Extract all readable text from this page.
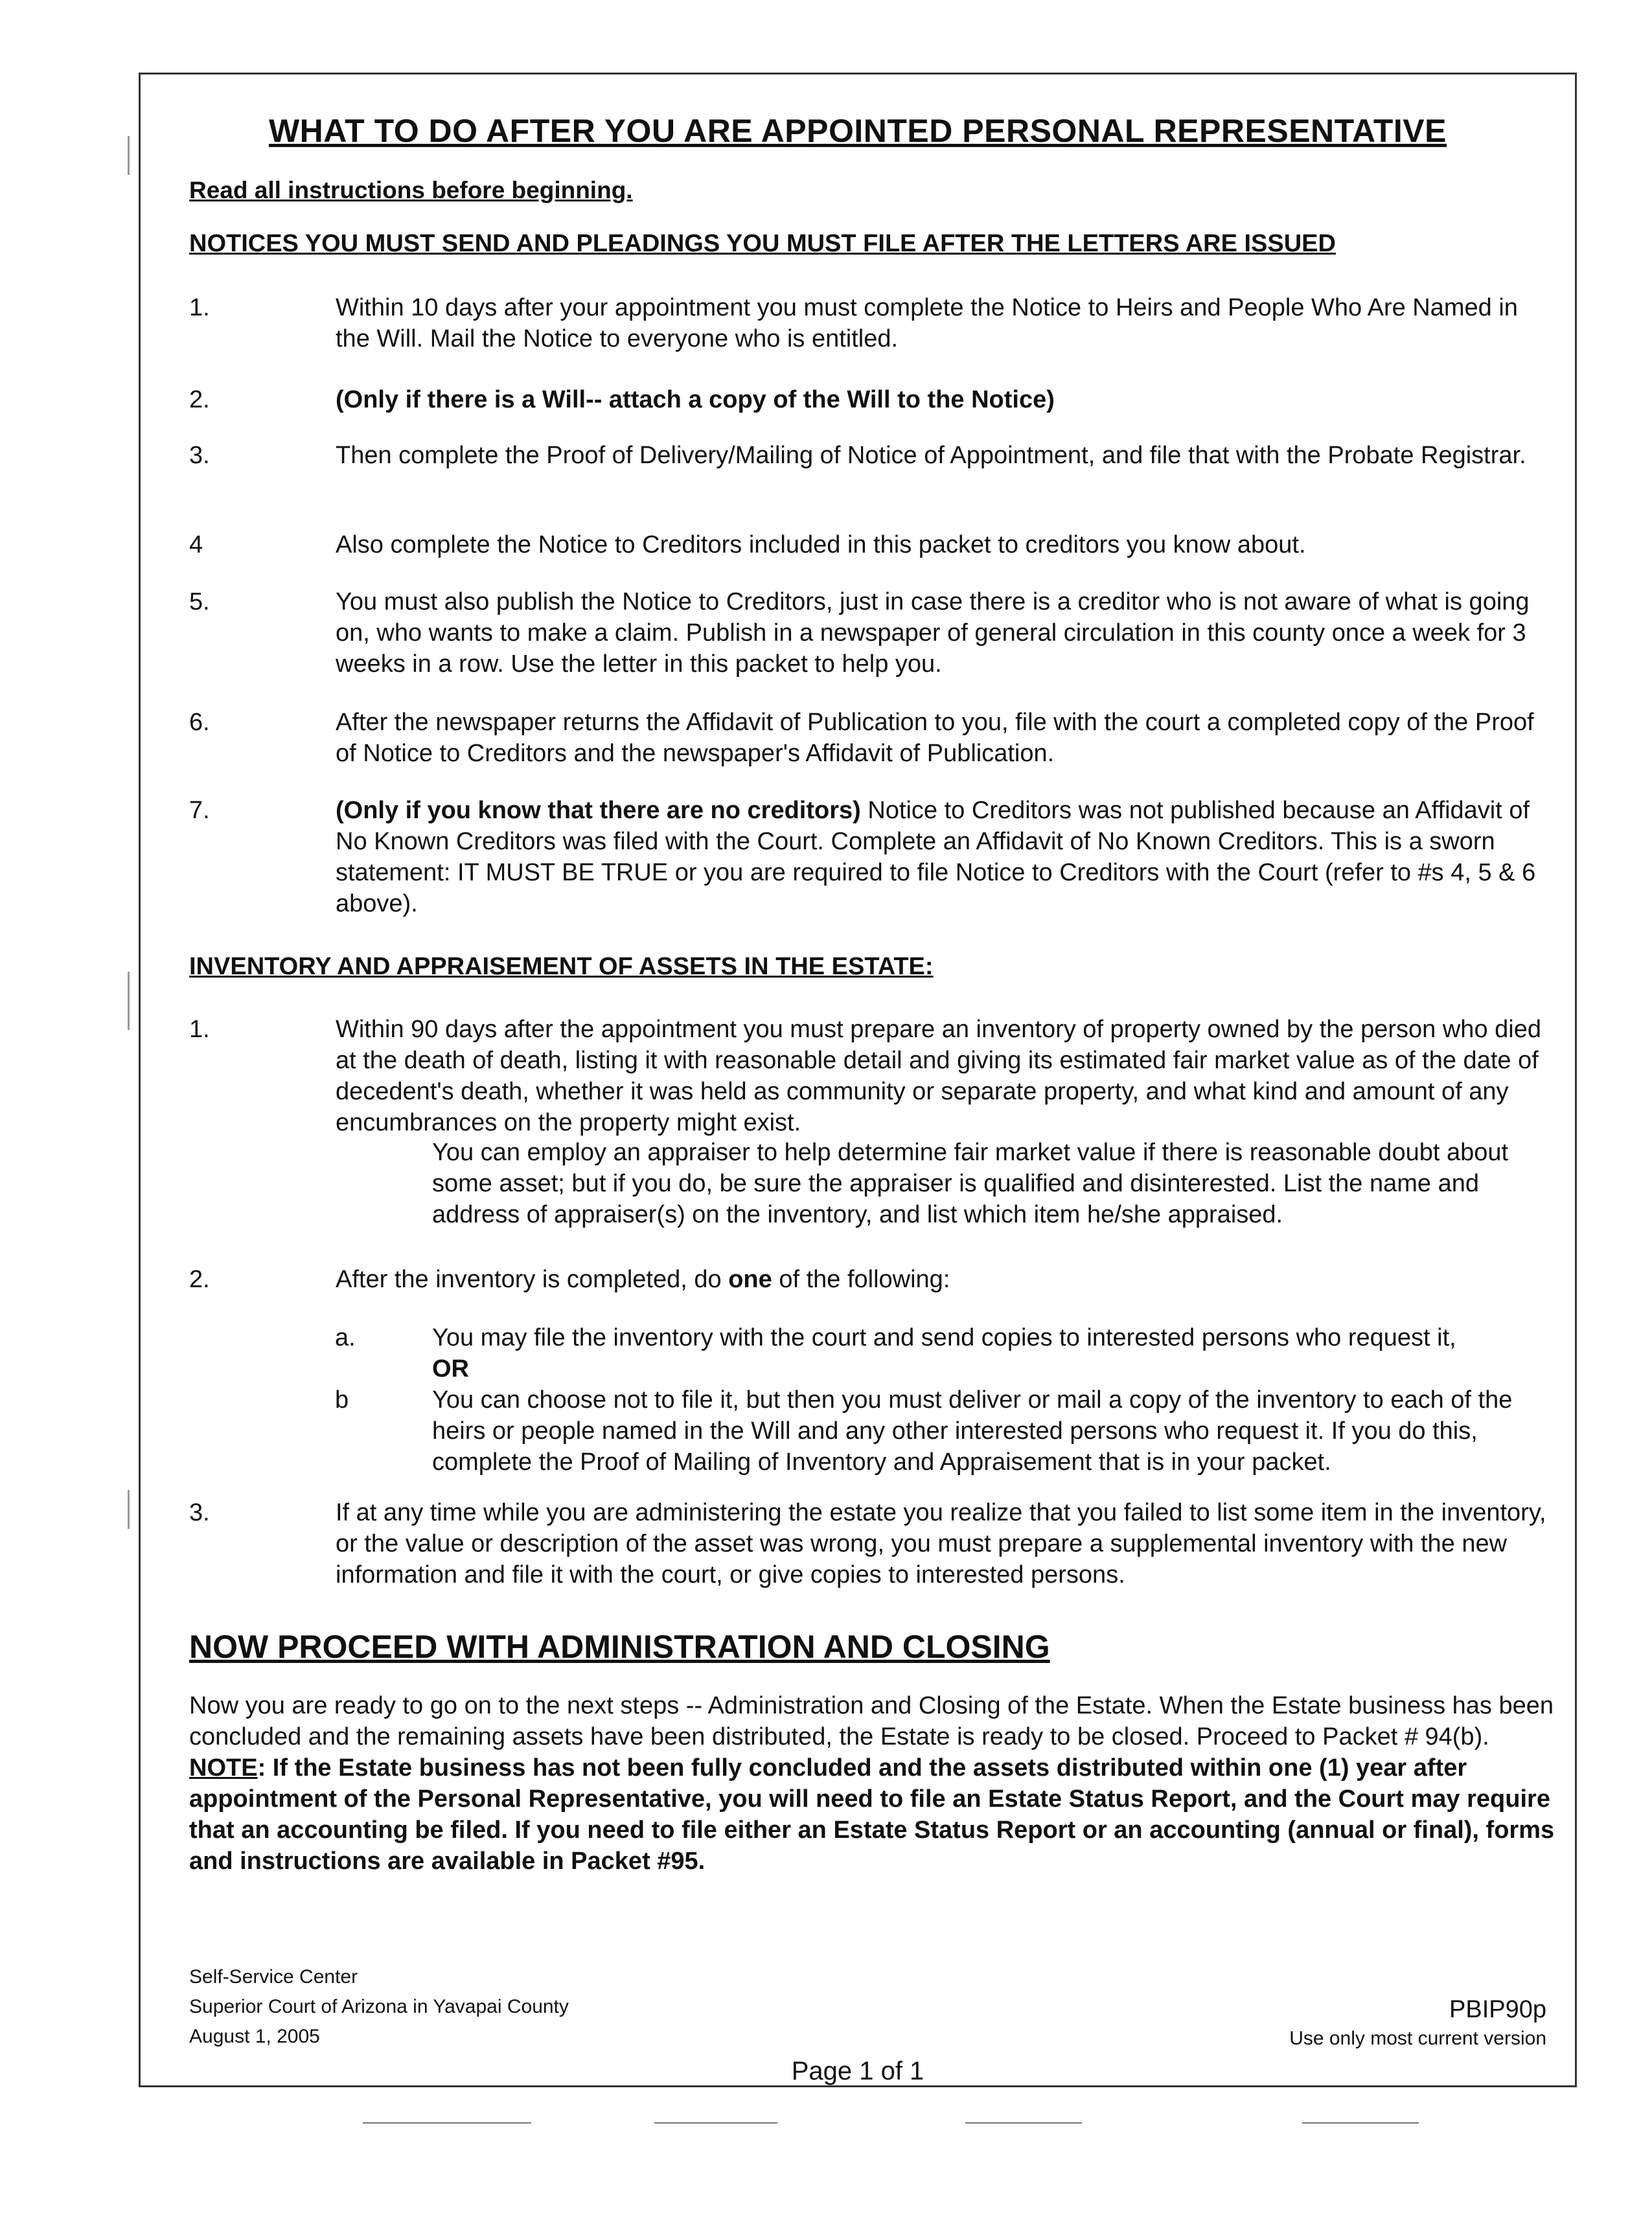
WHAT TO DO AFTER YOU ARE APPOINTED PERSONAL REPRESENTATIVE
Read all instructions before beginning.
NOTICES YOU MUST SEND AND PLEADINGS YOU MUST FILE AFTER THE LETTERS ARE ISSUED
1.	Within 10 days after your appointment you must complete the Notice to Heirs and People Who Are Named in the Will. Mail the Notice to everyone who is entitled.
2.	(Only if there is a Will-- attach a copy of the Will to the Notice)
3.	Then complete the Proof of Delivery/Mailing of Notice of Appointment, and file that with the Probate Registrar.
4	Also complete the Notice to Creditors included in this packet to creditors you know about.
5.	You must also publish the Notice to Creditors, just in case there is a creditor who is not aware of what is going on, who wants to make a claim. Publish in a newspaper of general circulation in this county once a week for 3 weeks in a row. Use the letter in this packet to help you.
6.	After the newspaper returns the Affidavit of Publication to you, file with the court a completed copy of the Proof of Notice to Creditors and the newspaper's Affidavit of Publication.
7.	(Only if you know that there are no creditors) Notice to Creditors was not published because an Affidavit of No Known Creditors was filed with the Court. Complete an Affidavit of No Known Creditors. This is a sworn statement: IT MUST BE TRUE or you are required to file Notice to Creditors with the Court (refer to #s 4, 5 & 6 above).
INVENTORY AND APPRAISEMENT OF ASSETS IN THE ESTATE:
1.	Within 90 days after the appointment you must prepare an inventory of property owned by the person who died at the death of death, listing it with reasonable detail and giving its estimated fair market value as of the date of decedent's death, whether it was held as community or separate property, and what kind and amount of any encumbrances on the property might exist.
You can employ an appraiser to help determine fair market value if there is reasonable doubt about some asset; but if you do, be sure the appraiser is qualified and disinterested. List the name and address of appraiser(s) on the inventory, and list which item he/she appraised.
2.	After the inventory is completed, do one of the following:
a.	You may file the inventory with the court and send copies to interested persons who request it,
OR
b	You can choose not to file it, but then you must deliver or mail a copy of the inventory to each of the heirs or people named in the Will and any other interested persons who request it. If you do this, complete the Proof of Mailing of Inventory and Appraisement that is in your packet.
3.	If at any time while you are administering the estate you realize that you failed to list some item in the inventory, or the value or description of the asset was wrong, you must prepare a supplemental inventory with the new information and file it with the court, or give copies to interested persons.
NOW PROCEED WITH ADMINISTRATION AND CLOSING
Now you are ready to go on to the next steps -- Administration and Closing of the Estate. When the Estate business has been concluded and the remaining assets have been distributed, the Estate is ready to be closed. Proceed to Packet # 94(b). NOTE: If the Estate business has not been fully concluded and the assets distributed within one (1) year after appointment of the Personal Representative, you will need to file an Estate Status Report, and the Court may require that an accounting be filed. If you need to file either an Estate Status Report or an accounting (annual or final), forms and instructions are available in Packet #95.
Self-Service Center
Superior Court of Arizona in Yavapai County
August 1, 2005
PBIP90p
Use only most current version
Page 1 of 1
